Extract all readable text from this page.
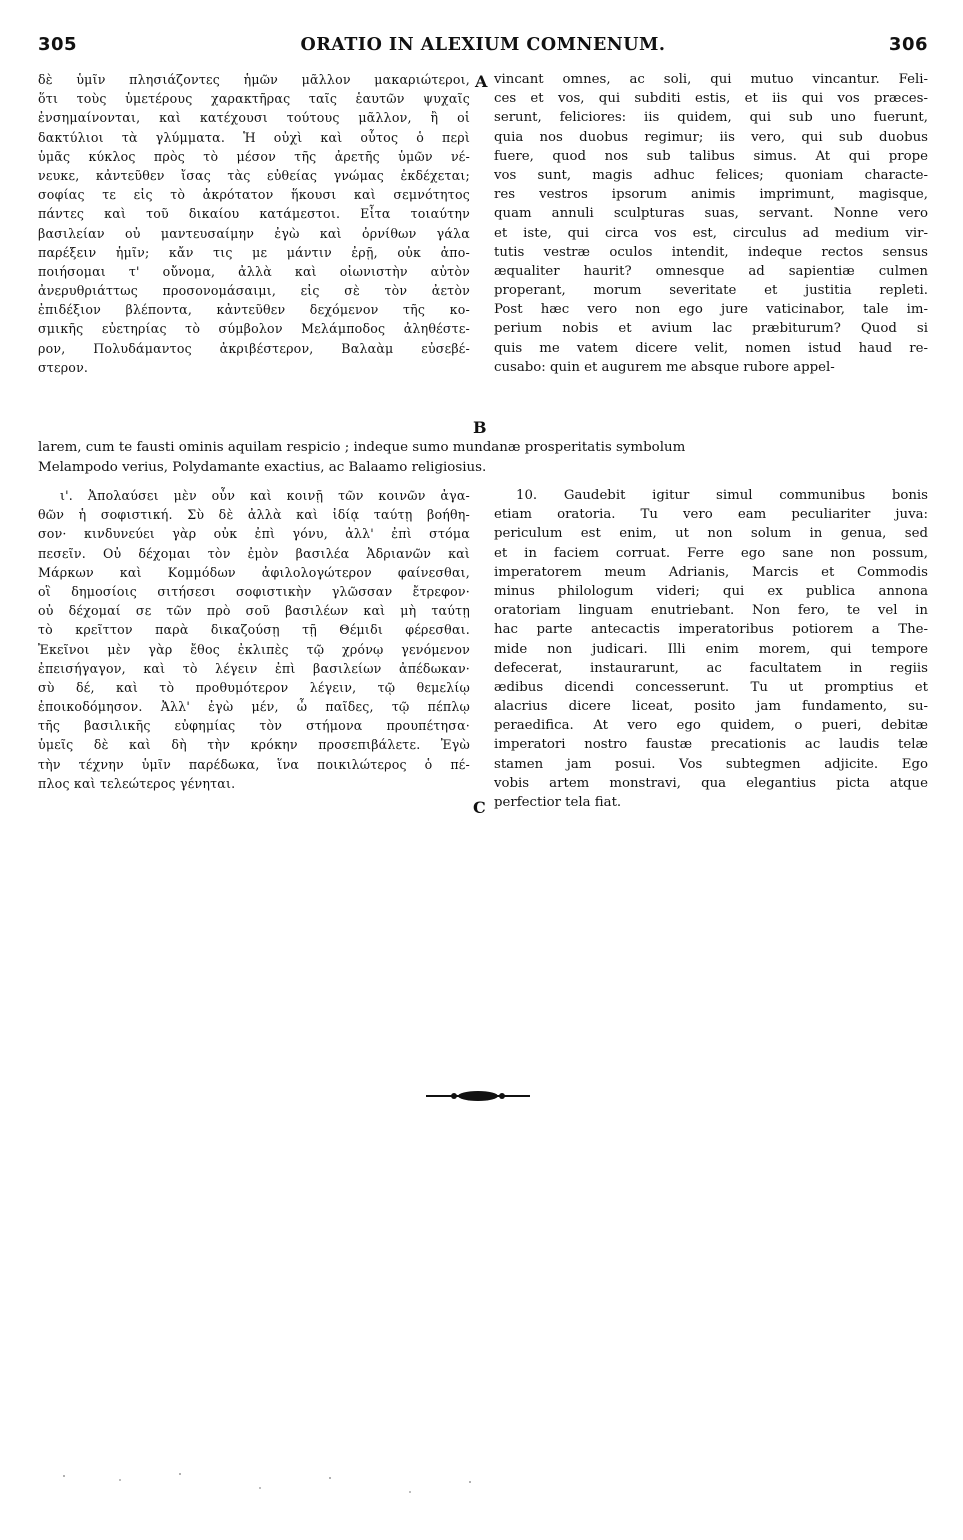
305	ORATIO IN ALEXIUM COMNENUM.	306
A
B
C
δὲ ὑμῖν πλησιάζοντες ἡμῶν μᾶλλον μακαριώτεροι,
ὅτι τοὺς ὑμετέρους χαρακτῆρας ταῖς ἑαυτῶν ψυχαῖς
ἐνσημαίνονται, καὶ κατέχουσι τούτους μᾶλλον, ἢ οἱ
δακτύλιοι τὰ γλύμματα. Ἡ οὐχὶ καὶ οὗτος ὁ περὶ
ὑμᾶς κύκλος πρὸς τὸ μέσον τῆς ἀρετῆς ὑμῶν νέ-
νευκε, κἀντεῦθεν ἴσας τὰς εὐθείας γνώμας ἐκδέχεται;
σοφίας τε εἰς τὸ ἀκρότατον ἥκουσι καὶ σεμνότητος
πάντες καὶ τοῦ δικαίου κατάμεστοι. Εἶτα τοιαύτην
βασιλείαν οὐ μαντευσαίμην ἐγὼ καὶ ὀρνίθων γάλα
παρέξειν ἡμῖν; κἄν τις με μάντιν ἐρῇ, οὐκ ἀπο-
ποιήσομαι τ' οὔνομα, ἀλλὰ καὶ οἰωνιστὴν αὐτὸν
ἀνερυθριάττως προσονομάσαιμι, εἰς σὲ τὸν ἀετὸν
ἐπιδέξιον βλέποντα, κἀντεῦθεν δεχόμενον τῆς κο-
σμικῆς εὐετηρίας τὸ σύμβολον Μελάμποδος ἀληθέστε-
ρον, Πολυδάμαντος ἀκριβέστερον, Βαλαὰμ εὐσεβέ-
στερον.
vincant omnes, ac soli, qui mutuo vincantur. Feli-
ces et vos, qui subditi estis, et iis qui vos præces-
serunt, feliciores: iis quidem, qui sub uno fuerunt,
quia nos duobus regimur; iis vero, qui sub duobus
fuere, quod nos sub talibus simus. At qui prope
vos sunt, magis adhuc felices; quoniam characte-
res vestros ipsorum animis imprimunt, magisque,
quam annuli sculpturas suas, servant. Nonne vero
et iste, qui circa vos est, circulus ad medium vir-
tutis vestræ oculos intendit, indeque rectos sensus
æqualiter haurit? omnesque ad sapientiæ culmen
properant, morum severitate et justitia repleti.
Post hæc vero non ego jure vaticinabor, tale im-
perium nobis et avium lac præbiturum? Quod si
quis me vatem dicere velit, nomen istud haud re-
cusabo: quin et augurem me absque rubore appel-
larem, cum te fausti ominis aquilam respicio ; indeque sumo mundanæ prosperitatis symbolum
Melampodo verius, Polydamante exactius, ac Balaamo religiosius.
ι'. Ἀπολαύσει μὲν οὖν καὶ κοινῇ τῶν κοινῶν ἀγα-
θῶν ἡ σοφιστική. Σὺ δὲ ἀλλὰ καὶ ἰδίᾳ ταύτῃ βοήθη-
σον· κινδυνεύει γὰρ οὐκ ἐπὶ γόνυ, ἀλλ' ἐπὶ στόμα
πεσεῖν. Οὐ δέχομαι τὸν ἐμὸν βασιλέα Ἀδριανῶν καὶ
Μάρκων καὶ Κομμόδων ἀφιλολογώτερον φαίνεσθαι,
οἳ δημοσίοις σιτήσεσι σοφιστικὴν γλῶσσαν ἔτρεφον·
οὐ δέχομαί σε τῶν πρὸ σοῦ βασιλέων καὶ μὴ ταύτῃ
τὸ κρεῖττον παρὰ δικαζούσῃ τῇ Θέμιδι φέρεσθαι.
Ἐκεῖνοι μὲν γὰρ ἔθος ἐκλιπὲς τῷ χρόνῳ γενόμενον
ἐπεισήγαγον, καὶ τὸ λέγειν ἐπὶ βασιλείων ἀπέδωκαν·
σὺ δέ, καὶ τὸ προθυμότερον λέγειν, τῷ θεμελίῳ
ἐποικοδόμησον. Ἀλλ' ἐγὼ μέν, ὦ παῖδες, τῷ πέπλῳ
τῆς βασιλικῆς εὐφημίας τὸν στήμονα προυπέτησα·
ὑμεῖς δὲ καὶ δὴ τὴν κρόκην προσεπιβάλετε. Ἐγὼ
τὴν τέχνην ὑμῖν παρέδωκα, ἵνα ποικιλώτερος ὁ πέ-
πλος καὶ τελεώτερος γένηται.
10. Gaudebit igitur simul communibus bonis
etiam oratoria. Tu vero eam peculiariter juva:
periculum est enim, ut non solum in genua, sed
et in faciem corruat. Ferre ego sane non possum,
imperatorem meum Adrianis, Marcis et Commodis
minus philologum videri; qui ex publica annona
oratoriam linguam enutriebant. Non fero, te vel in
hac parte antecactis imperatoribus potiorem a The-
mide non judicari. Illi enim morem, qui tempore
defecerat, instaurarunt, ac facultatem in regiis
ædibus dicendi concesserunt. Tu ut promptius et
alacrius dicere liceat, posito jam fundamento, su-
peraedifica. At vero ego quidem, o pueri, debitæ
imperatori nostro faustæ precationis ac laudis telæ
stamen jam posui. Vos subtegmen adjicite. Ego
vobis artem monstravi, qua elegantius picta atque
perfectior tela fiat.
